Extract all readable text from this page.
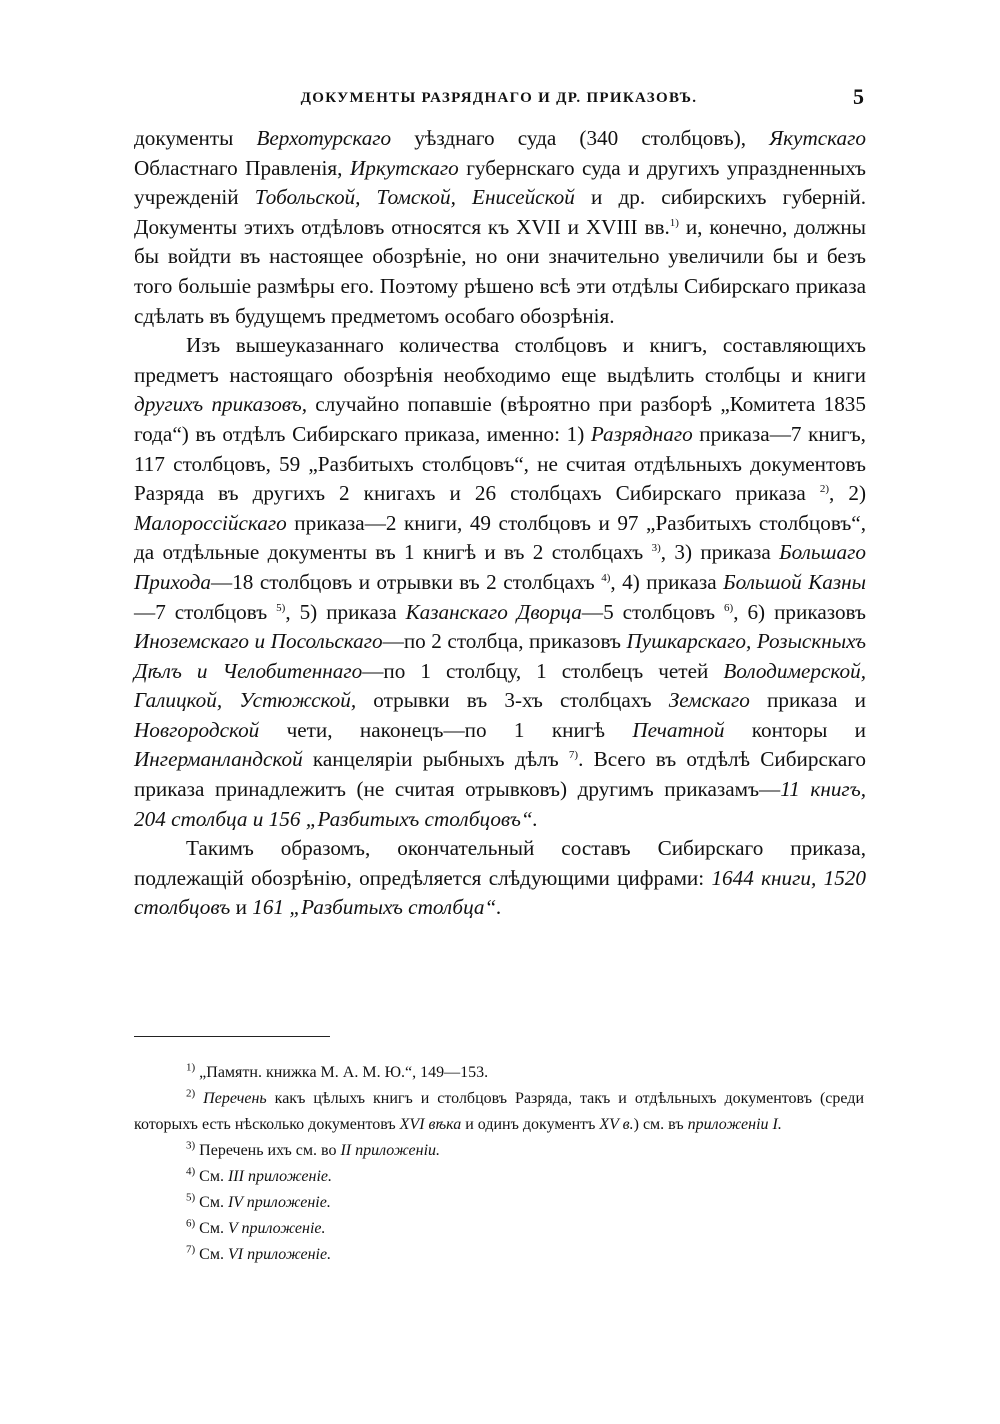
ДОКУМЕНТЫ РАЗРЯДНАГО И ДР. ПРИКАЗОВЪ.	5

документы Верхотурскаго уѣзднаго суда (340 столбцовъ), Якутскаго Областнаго Правленія, Иркутскаго губернскаго суда и другихъ упраздненныхъ учрежденій Тобольской, Томской, Енисейской и др. сибирскихъ губерній. Документы этихъ отдѣловъ относятся къ XVII и XVIII вв.$^{1)}$ и, конечно, должны бы войдти въ настоящее обозрѣніе, но они значительно увеличили бы и безъ того большіе размѣры его. Поэтому рѣшено всѣ эти отдѣлы Сибирскаго приказа сдѣлать въ будущемъ предметомъ особаго обозрѣнія.

Изъ вышеуказаннаго количества столбцовъ и книгъ, составляющихъ предметъ настоящаго обозрѣнія необходимо еще выдѣлить столбцы и книги другихъ приказовъ, случайно попавшіе (вѣроятно при разборѣ „Комитета 1835 года“) въ отдѣлъ Сибирскаго приказа, именно: 1) Разряднаго приказа—7 книгъ, 117 столбцовъ, 59 „Разбитыхъ столбцовъ“, не считая отдѣльныхъ документовъ Разряда въ другихъ 2 книгахъ и 26 столбцахъ Сибирскаго приказа $^{2)}$, 2) Малороссійскаго приказа—2 книги, 49 столбцовъ и 97 „Разбитыхъ столбцовъ“, да отдѣльные документы въ 1 книгѣ и въ 2 столбцахъ $^{3)}$, 3) приказа Большаго Прихода—18 столбцовъ и отрывки въ 2 столбцахъ $^{4)}$, 4) приказа Большой Казны—7 столбцовъ $^{5)}$, 5) приказа Казанскаго Дворца—5 столбцовъ $^{6)}$, 6) приказовъ Иноземскаго и Посольскаго—по 2 столбца, приказовъ Пушкарскаго, Розыскныхъ Дѣлъ и Челобитеннаго—по 1 столбцу, 1 столбецъ четей Володимерской, Галицкой, Устюжской, отрывки въ 3-хъ столбцахъ Земскаго приказа и Новгородской чети, наконецъ—по 1 книгѣ Печатной конторы и Ингерманландской канцеляріи рыбныхъ дѣлъ $^{7)}$. Всего въ отдѣлѣ Сибирскаго приказа принадлежитъ (не считая отрывковъ) другимъ приказамъ—11 книгъ, 204 столбца и 156 „Разбитыхъ столбцовъ“.

Такимъ образомъ, окончательный составъ Сибирскаго приказа, подлежащій обозрѣнію, опредѣляется слѣдующими цифрами: 1644 книги, 1520 столбцовъ и 161 „Разбитыхъ столбца“.

$^{1)}$ „Памятн. книжка М. А. М. Ю.“, 149—153.

$^{2)}$ Перечень какъ цѣлыхъ книгъ и столбцовъ Разряда, такъ и отдѣльныхъ документовъ (среди которыхъ есть нѣсколько документовъ XVI вѣка и одинъ документъ XV в.) см. въ приложеніи I.

$^{3)}$ Перечень ихъ см. во II приложеніи.

$^{4)}$ См. III приложеніе.

$^{5)}$ См. IV приложеніе.

$^{6)}$ См. V приложеніе.

$^{7)}$ См. VI приложеніе.
